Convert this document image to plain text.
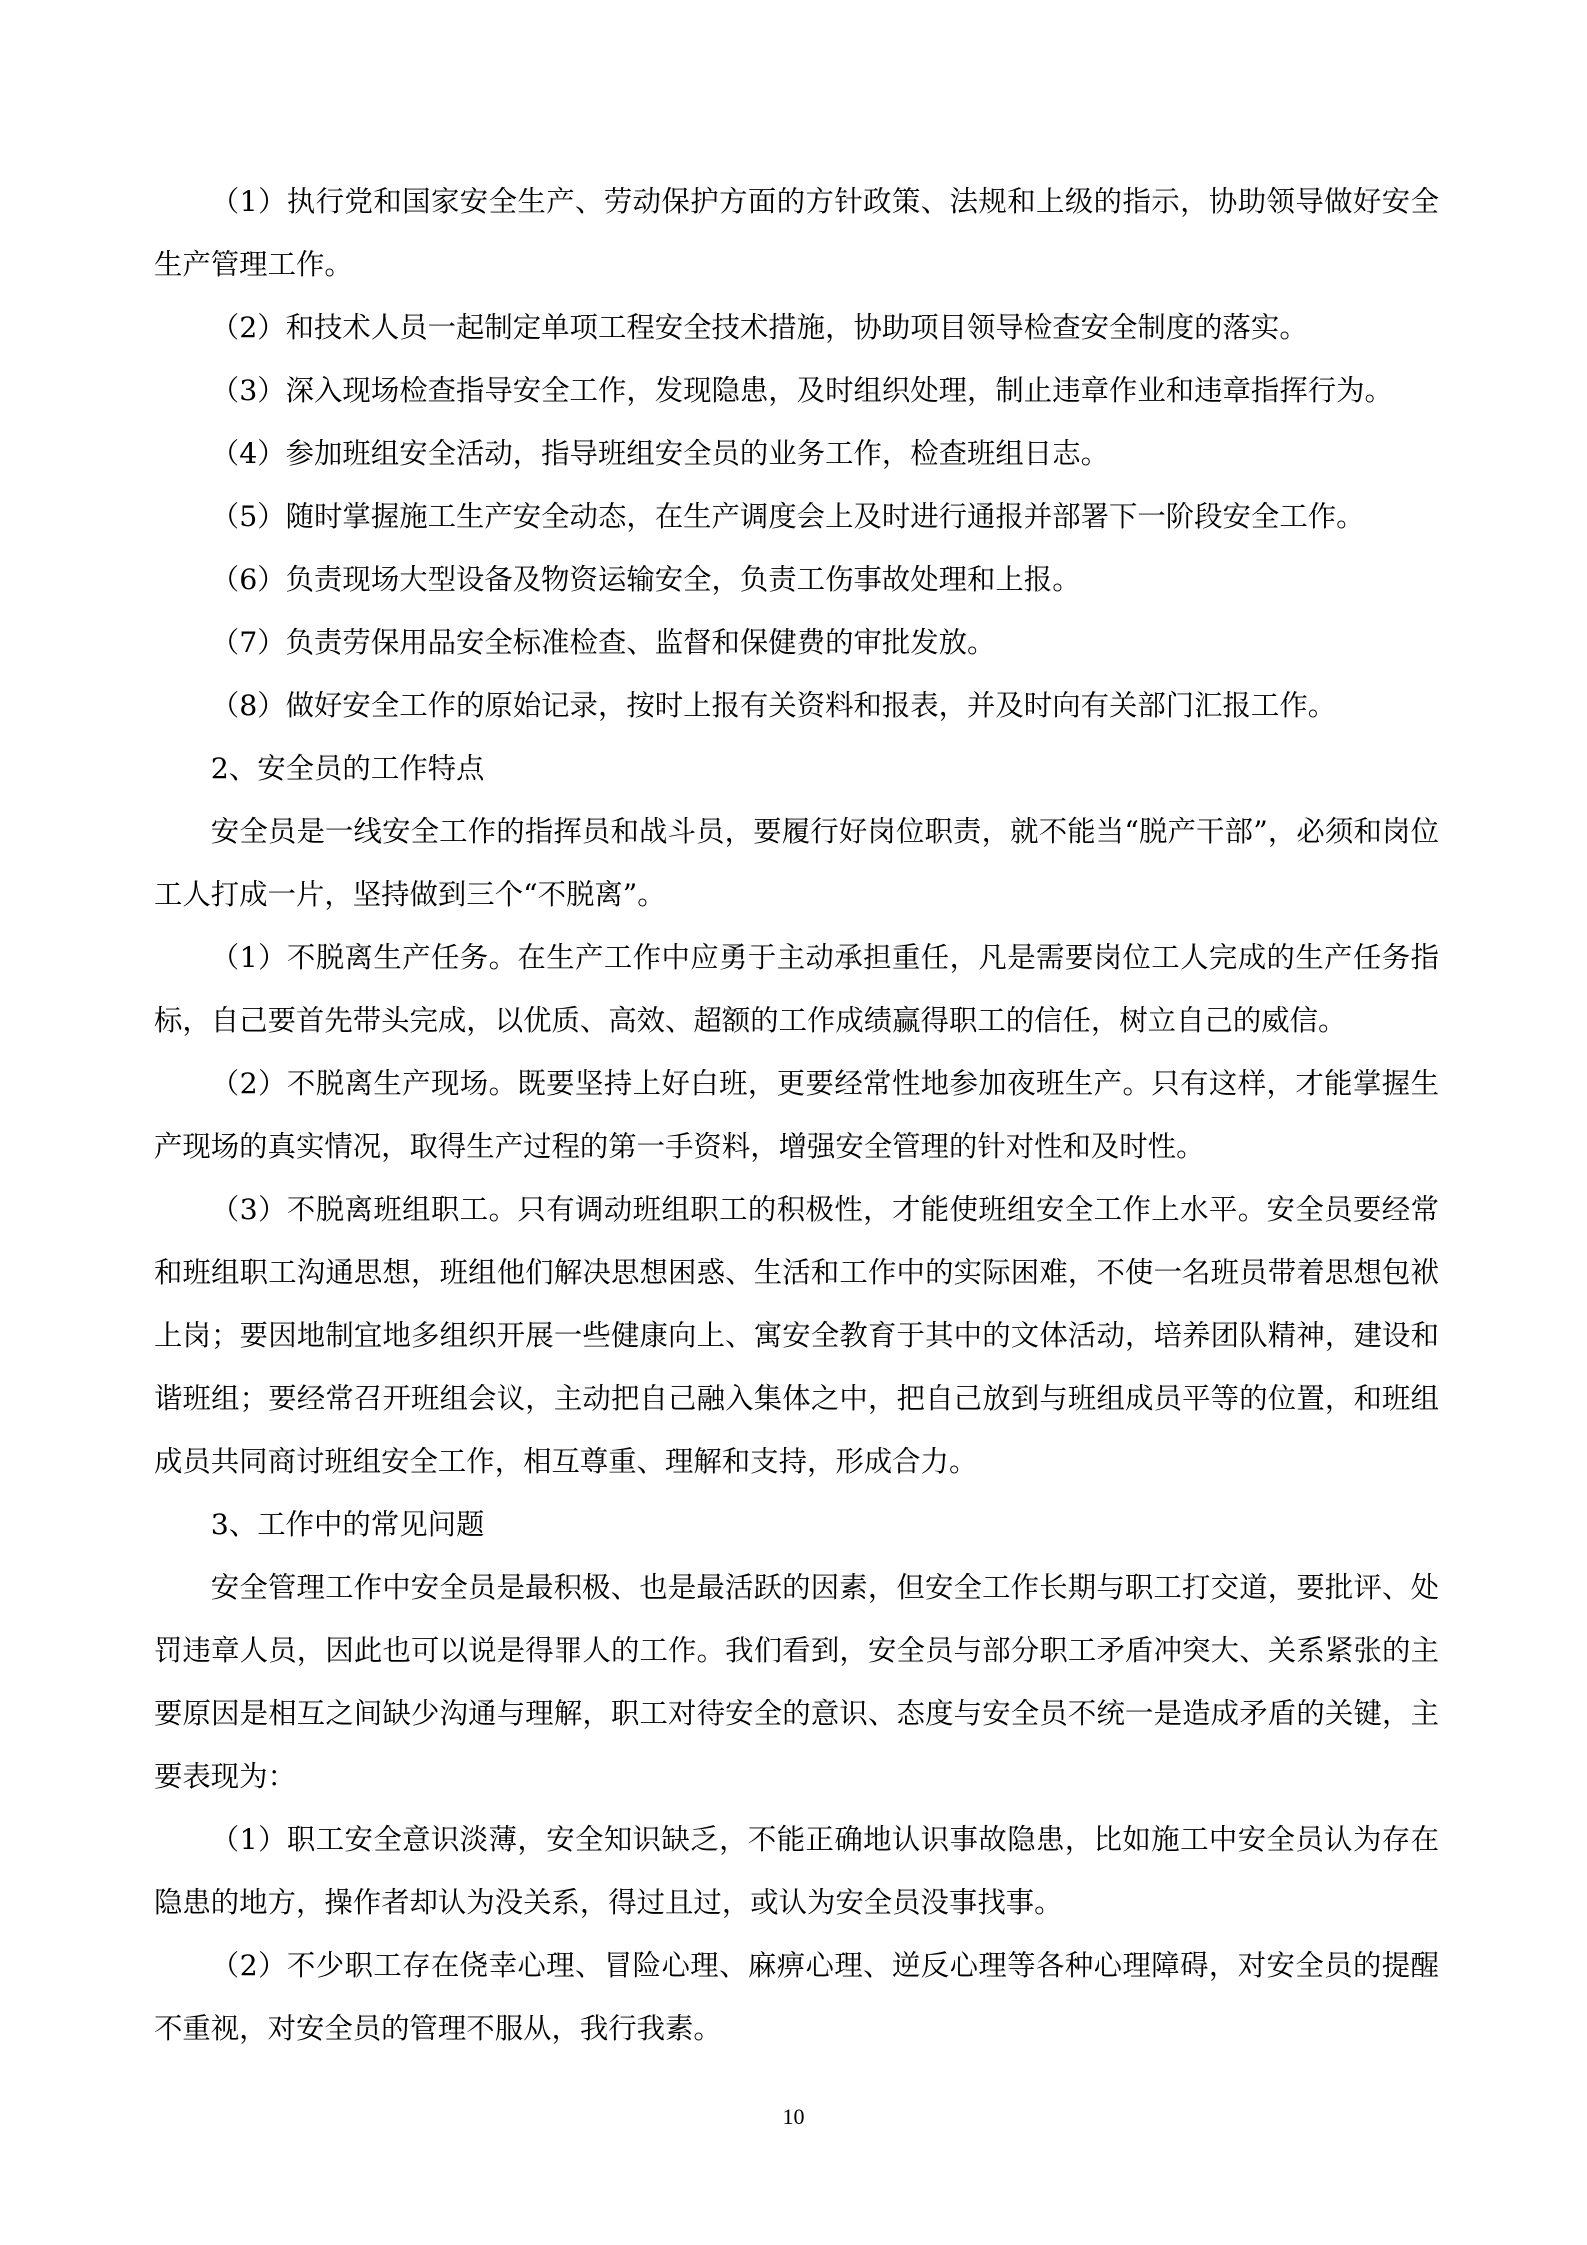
（1）执行党和国家安全生产、劳动保护方面的方针政策、法规和上级的指示，协助领导做好安全生产管理工作。

（2）和技术人员一起制定单项工程安全技术措施，协助项目领导检查安全制度的落实。

（3）深入现场检查指导安全工作，发现隐患，及时组织处理，制止违章作业和违章指挥行为。

（4）参加班组安全活动，指导班组安全员的业务工作，检查班组日志。

（5）随时掌握施工生产安全动态，在生产调度会上及时进行通报并部署下一阶段安全工作。

（6）负责现场大型设备及物资运输安全，负责工伤事故处理和上报。

（7）负责劳保用品安全标准检查、监督和保健费的审批发放。

（8）做好安全工作的原始记录，按时上报有关资料和报表，并及时向有关部门汇报工作。

2、安全员的工作特点

安全员是一线安全工作的指挥员和战斗员，要履行好岗位职责，就不能当“脱产干部”，必须和岗位工人打成一片，坚持做到三个“不脱离”。

（1）不脱离生产任务。在生产工作中应勇于主动承担重任，凡是需要岗位工人完成的生产任务指标，自己要首先带头完成，以优质、高效、超额的工作成绩赢得职工的信任，树立自己的威信。

（2）不脱离生产现场。既要坚持上好白班，更要经常性地参加夜班生产。只有这样，才能掌握生产现场的真实情况，取得生产过程的第一手资料，增强安全管理的针对性和及时性。

（3）不脱离班组职工。只有调动班组职工的积极性，才能使班组安全工作上水平。安全员要经常和班组职工沟通思想，班组他们解决思想困惑、生活和工作中的实际困难，不使一名班员带着思想包袱上岗；要因地制宜地多组织开展一些健康向上、寓安全教育于其中的文体活动，培养团队精神，建设和谐班组；要经常召开班组会议，主动把自己融入集体之中，把自己放到与班组成员平等的位置，和班组成员共同商讨班组安全工作，相互尊重、理解和支持，形成合力。

3、工作中的常见问题

安全管理工作中安全员是最积极、也是最活跃的因素，但安全工作长期与职工打交道，要批评、处罚违章人员，因此也可以说是得罪人的工作。我们看到，安全员与部分职工矛盾冲突大、关系紧张的主要原因是相互之间缺少沟通与理解，职工对待安全的意识、态度与安全员不统一是造成矛盾的关键，主要表现为：

（1）职工安全意识淡薄，安全知识缺乏，不能正确地认识事故隐患，比如施工中安全员认为存在隐患的地方，操作者却认为没关系，得过且过，或认为安全员没事找事。

（2）不少职工存在侥幸心理、冒险心理、麻痹心理、逆反心理等各种心理障碍，对安全员的提醒不重视，对安全员的管理不服从，我行我素。

10
